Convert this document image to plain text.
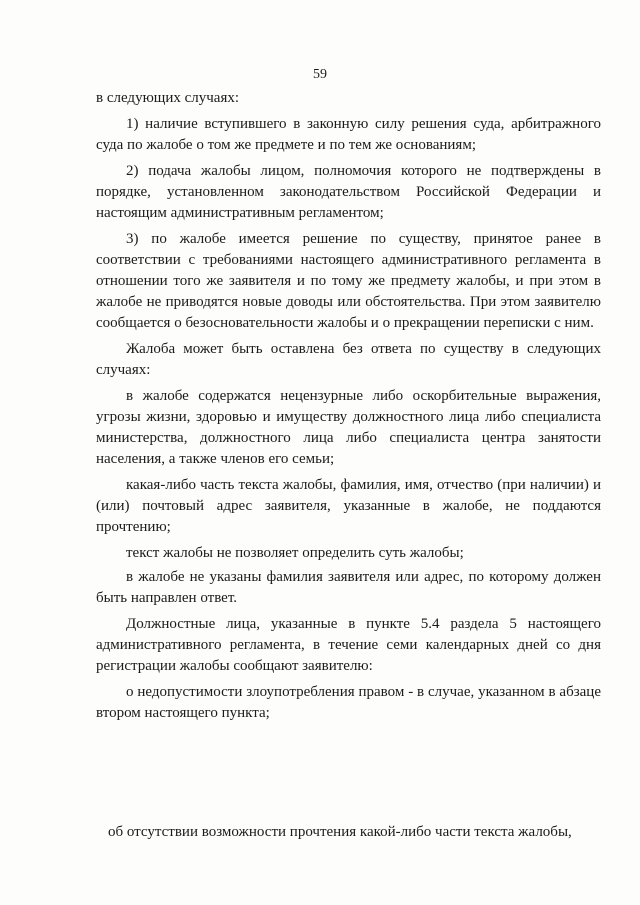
59

в следующих случаях:

1) наличие вступившего в законную силу решения суда, арбитражного суда по жалобе о том же предмете и по тем же основаниям;

2) подача жалобы лицом, полномочия которого не подтверждены в порядке, установленном законодательством Российской Федерации и настоящим административным регламентом;

3) по жалобе имеется решение по существу, принятое ранее в соответствии с требованиями настоящего административного регламента в отношении того же заявителя и по тому же предмету жалобы, и при этом в жалобе не приводятся новые доводы или обстоятельства. При этом заявителю сообщается о безосновательности жалобы и о прекращении переписки с ним.

Жалоба может быть оставлена без ответа по существу в следующих случаях:

в жалобе содержатся нецензурные либо оскорбительные выражения, угрозы жизни, здоровью и имуществу должностного лица либо специалиста министерства, должностного лица либо специалиста центра занятости населения, а также членов его семьи;

какая-либо часть текста жалобы, фамилия, имя, отчество (при наличии) и (или) почтовый адрес заявителя, указанные в жалобе, не поддаются прочтению;

текст жалобы не позволяет определить суть жалобы;

в жалобе не указаны фамилия заявителя или адрес, по которому должен быть направлен ответ.

Должностные лица, указанные в пункте 5.4 раздела 5 настоящего административного регламента, в течение семи календарных дней со дня регистрации жалобы сообщают заявителю:

о недопустимости злоупотребления правом - в случае, указанном в абзаце втором настоящего пункта;

об отсутствии возможности прочтения какой-либо части текста жалобы,
